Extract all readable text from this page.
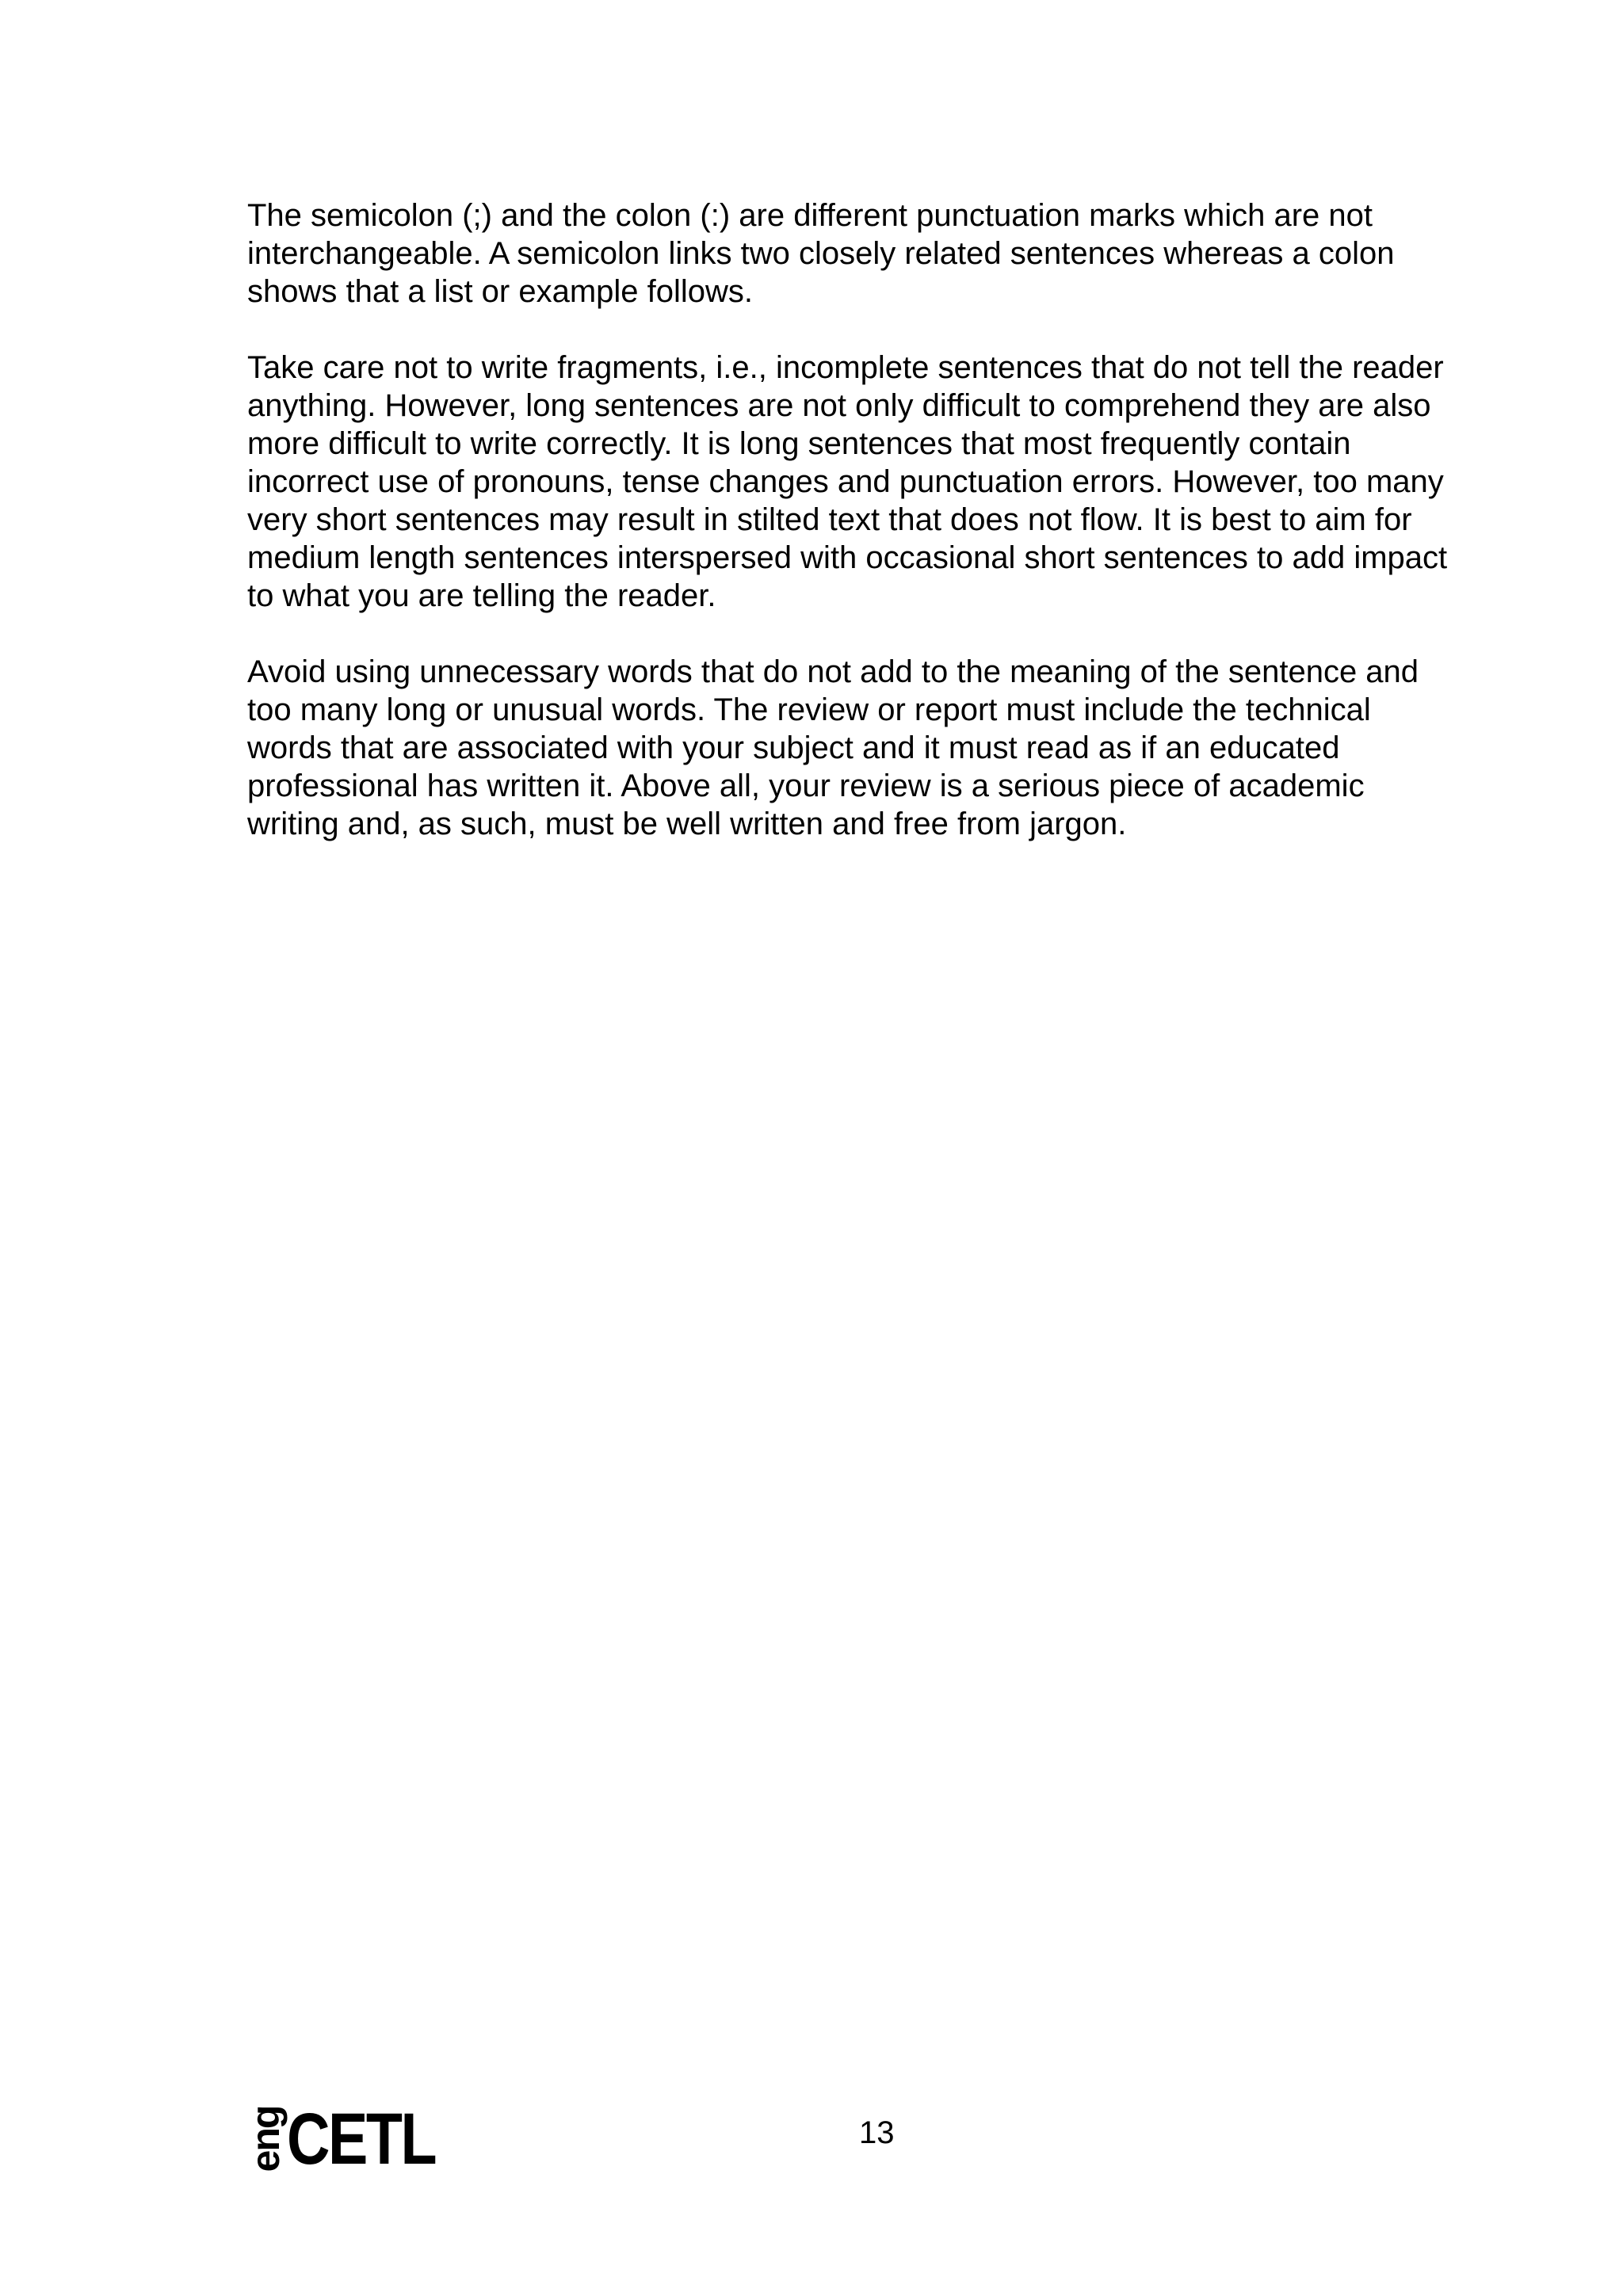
The semicolon (;) and the colon (:) are different punctuation marks which are not
interchangeable. A semicolon links two closely related sentences whereas a colon
shows that a list or example follows.

Take care not to write fragments, i.e., incomplete sentences that do not tell the reader
anything. However, long sentences are not only difficult to comprehend they are also
more difficult to write correctly. It is long sentences that most frequently contain
incorrect use of pronouns, tense changes and punctuation errors. However, too many
very short sentences may result in stilted text that does not flow. It is best to aim for
medium length sentences interspersed with occasional short sentences to add impact
to what you are telling the reader.

Avoid using unnecessary words that do not add to the meaning of the sentence and
too many long or unusual words. The review or report must include the technical
words that are associated with your subject and it must read as if an educated
professional has written it. Above all, your review is a serious piece of academic
writing and, as such, must be well written and free from jargon.

eng CETL	13
